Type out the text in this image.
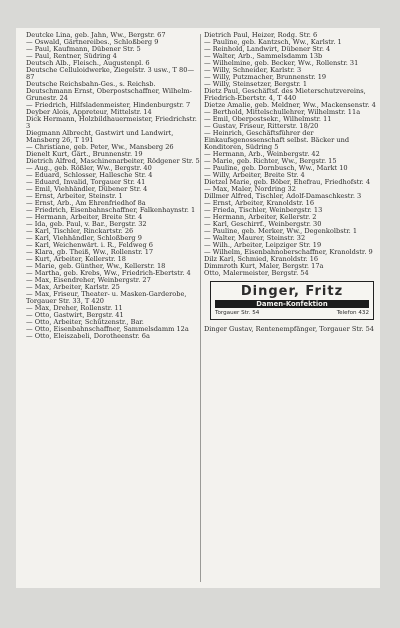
Deutcke Lina, geb. Jahn, Ww., Bergstr. 67
— Oswald, Gärtnereibes., Schloßberg 9
— Paul, Kaufmann, Dübener Str. 5
— Paul, Rentner, Südring 4
Deutsch Alb., Fleisch., Augustenpl. 6
Deutsche Celluloidwerke, Ziegelstr. 3 usw., T 80—87
Deutsche Reichsbahn-Ges., s. Reichsb.
Deutschmann Ernst, Oberpostschaffner, Wilhelm-Grunestr. 24
— Friedrich, Hilfsladenmeister, Hindenburgstr. 7
Deyber Alois, Appreteur, Mittelstr. 14
Dick Hermann, Holzbildhauermeister, Friedrichstr. 3
Diegmann Albrecht, Gastwirt und Landwirt, Mansberg 26, T 191
— Christiane, geb. Peter, Ww., Mansberg 26
Dienelt Kurt, Gärt., Brunnenstr. 19
Dietrich Alfred, Maschinenarbeiter, Rödgener Str. 5
— Aug., geb. Rößler, Ww., Bergstr. 40
— Eduard, Schlosser, Hallesche Str. 4
— Eduard, Invalid, Torgauer Str. 41
— Emil, Viehhändler, Dübener Str. 4
— Ernst, Arbeiter, Steinstr. 1
— Ernst, Arb., Am Ehrenfriedhof 8a
— Friedrich, Eisenbahnschaffner, Falkenhaynstr. 1
— Hermann, Arbeiter, Breite Str. 4
— Ida, geb. Paul, v. Bar., Bergstr. 32
— Karl, Tischler, Rinckartstr. 26
— Karl, Viehhändler, Schloßberg 9
— Karl, Weichenwärt. i. R., Feldweg 6
— Klara, gb. Theiß, Ww., Rollenstr. 17
— Kurt, Arbeiter, Kellerstr. 18
— Marie, geb. Günther, Ww., Kellerstr. 18
— Martha, geb. Krebs, Ww., Friedrich-Ebertstr. 4
— Max, Eisendreher, Weinbergstr. 27
— Max, Arbeiter, Karlstr. 25
— Max, Friseur, Theater- u. Masken-Garderobe, Torgauer Str. 33, T 420
— Max, Dreher, Rollenstr. 11
— Otto, Gastwirt, Bergstr. 41
— Otto, Arbeiter, Schützenstr., Bar.
— Otto, Eisenbahnschaffner, Sammelsdamm 12a
— Otto, Eleiszabeli, Dorotheenstr. 6a
Dietrich Paul, Heizer, Rodg. Str. 6
— Pauline, geb. Kantzsch, Ww., Karlstr. 1
— Reinhold, Landwirt, Dübener Str. 4
— Walter, Arb., Sammelsdamm 13b
— Wilhelmine, geb. Becker, Ww., Rollenstr. 31
— Willy, Schneider, Karlstr. 3
— Willy, Putzmacher, Brunnenstr. 19
— Willy, Steinsetzer, Bergstr. 1
Dietz Paul, Geschäftsf. des Mieterschutzvereins, Friedrich-Ebertstr. 4, T 440
Dietze Amalie, geb. Meldner, Ww., Mackensenstr. 4
— Berthold, Mittelschullehrer, Wilhelmstr. 11a
— Emil, Oberpostsekr., Wilhelmstr. 11
— Gustav, Friseur, Ritterstr. 18/20
— Heinrich, Geschäftsführer der Einkaufsgenossenschaft selbst. Bäcker und Konditoren, Südring 5
— Hermann, Arb., Weinbergstr. 42
— Marie, geb. Richter, Ww., Bergstr. 15
— Pauline, geb. Dornbusch, Ww., Markt 10
— Willy, Arbeiter, Breite Str. 4
Dietzel Marie, geb. Böber, Ehefrau, Friedhofstr. 4
— Max, Maler, Nordring 32
Dillmer Alfred, Tischler, Adolf-Damaschkestr. 3
— Ernst, Arbeiter, Kranoldstr. 16
— Frieda, Tischler, Weinbergstr. 13
— Hermann, Arbeiter, Kellerstr. 2
— Karl, Geschirrf., Weinbergstr. 30
— Pauline, geb. Merker, Ww., Degenkolbstr. 1
— Walter, Maurer, Steinstr. 32
— Wilh., Arbeiter, Leipziger Str. 19
— Wilhelm, Eisenbahnoberschaffner, Kranoldstr. 9
Dilz Karl, Schmied, Kranoldstr. 16
Dimmroth Kurt, Maler, Bergstr. 17a
Otto, Malermeister, Bergstr. 54
Dinger, Fritz
Damen-Konfektion
Torgauer Str. 54	Telefon 432
Dinger Gustav, Rentenempfänger, Torgauer Str. 54
